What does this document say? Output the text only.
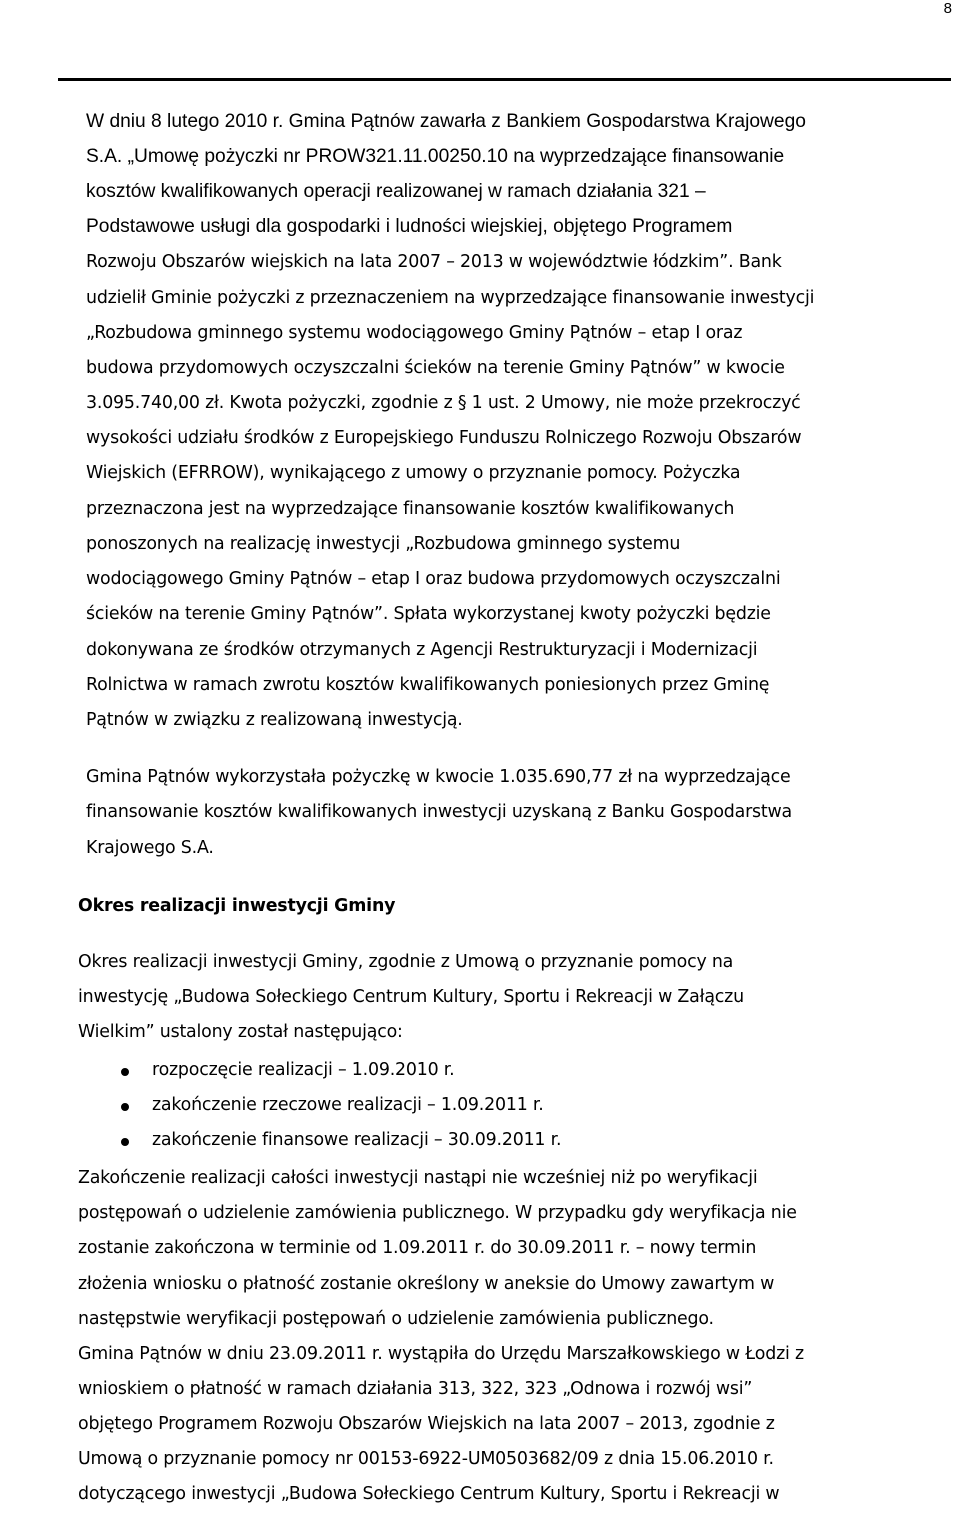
8
W dniu 8 lutego 2010 r. Gmina Pątnów zawarła z Bankiem Gospodarstwa Krajowego
S.A. „Umowę pożyczki nr PROW321.11.00250.10 na wyprzedzające finansowanie
kosztów kwalifikowanych operacji realizowanej w ramach działania 321 –
Podstawowe usługi dla gospodarki i ludności wiejskiej, objętego Programem
Rozwoju Obszarów wiejskich na lata 2007 – 2013 w województwie łódzkim”. Bank
udzielił Gminie pożyczki z przeznaczeniem na wyprzedzające finansowanie inwestycji
„Rozbudowa gminnego systemu wodociągowego Gminy Pątnów – etap I oraz
budowa przydomowych oczyszczalni ścieków na terenie Gminy Pątnów” w kwocie
3.095.740,00 zł. Kwota pożyczki, zgodnie z § 1 ust. 2 Umowy, nie może przekroczyć
wysokości udziału środków z Europejskiego Funduszu Rolniczego Rozwoju Obszarów
Wiejskich (EFRROW), wynikającego z umowy o przyznanie pomocy. Pożyczka
przeznaczona jest na wyprzedzające finansowanie kosztów kwalifikowanych
ponoszonych na realizację inwestycji „Rozbudowa gminnego systemu
wodociągowego Gminy Pątnów – etap I oraz budowa przydomowych oczyszczalni
ścieków na terenie Gminy Pątnów”. Spłata wykorzystanej kwoty pożyczki będzie
dokonywana ze środków otrzymanych z Agencji Restrukturyzacji i Modernizacji
Rolnictwa w ramach zwrotu kosztów kwalifikowanych poniesionych przez Gminę
Pątnów w związku z realizowaną inwestycją.
Gmina Pątnów wykorzystała pożyczkę w kwocie 1.035.690,77 zł na wyprzedzające
finansowanie kosztów kwalifikowanych inwestycji uzyskaną z Banku Gospodarstwa
Krajowego S.A.
Okres realizacji inwestycji Gminy
Okres realizacji inwestycji Gminy, zgodnie z Umową o przyznanie pomocy na
inwestycję „Budowa Sołeckiego Centrum Kultury, Sportu i Rekreacji w Załączu
Wielkim” ustalony został następująco:
rozpoczęcie realizacji – 1.09.2010 r.
zakończenie rzeczowe realizacji – 1.09.2011 r.
zakończenie finansowe realizacji – 30.09.2011 r.
Zakończenie realizacji całości inwestycji nastąpi nie wcześniej niż po weryfikacji
postępowań o udzielenie zamówienia publicznego. W przypadku gdy weryfikacja nie
zostanie zakończona w terminie od 1.09.2011 r. do 30.09.2011 r. – nowy termin
złożenia wniosku o płatność zostanie określony w aneksie do Umowy zawartym w
następstwie weryfikacji postępowań o udzielenie zamówienia publicznego.
Gmina Pątnów w dniu 23.09.2011 r. wystąpiła do Urzędu Marszałkowskiego w Łodzi z
wnioskiem o płatność w ramach działania 313, 322, 323 „Odnowa i rozwój wsi”
objętego Programem Rozwoju Obszarów Wiejskich na lata 2007 – 2013, zgodnie z
Umową o przyznanie pomocy nr 00153-6922-UM0503682/09 z dnia 15.06.2010 r.
dotyczącego inwestycji „Budowa Sołeckiego Centrum Kultury, Sportu i Rekreacji w
